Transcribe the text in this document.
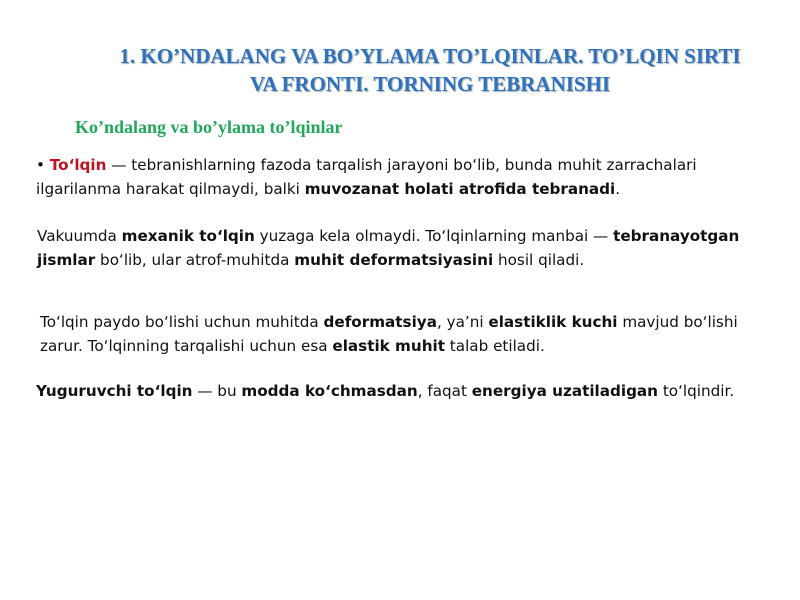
1. KO’NDALANG VA BO’YLAMA TO’LQINLAR. TO’LQIN SIRTI
VA FRONTI. TORNING TEBRANISHI
Ko’ndalang va bo’ylama to’lqinlar
• To‘lqin — tebranishlarning fazoda tarqalish jarayoni bo‘lib, bunda muhit zarrachalari ilgarilanma harakat qilmaydi, balki muvozanat holati atrofida tebranadi.
Vakuumda mexanik to‘lqin yuzaga kela olmaydi. To‘lqinlarning manbai — tebranayotgan jismlar bo‘lib, ular atrof-muhitda muhit deformatsiyasini hosil qiladi.
To‘lqin paydo bo‘lishi uchun muhitda deformatsiya, ya’ni elastiklik kuchi mavjud bo‘lishi zarur. To‘lqinning tarqalishi uchun esa elastik muhit talab etiladi.
Yuguruvchi to‘lqin — bu modda ko‘chmasdan, faqat energiya uzatiladigan to‘lqindir.
